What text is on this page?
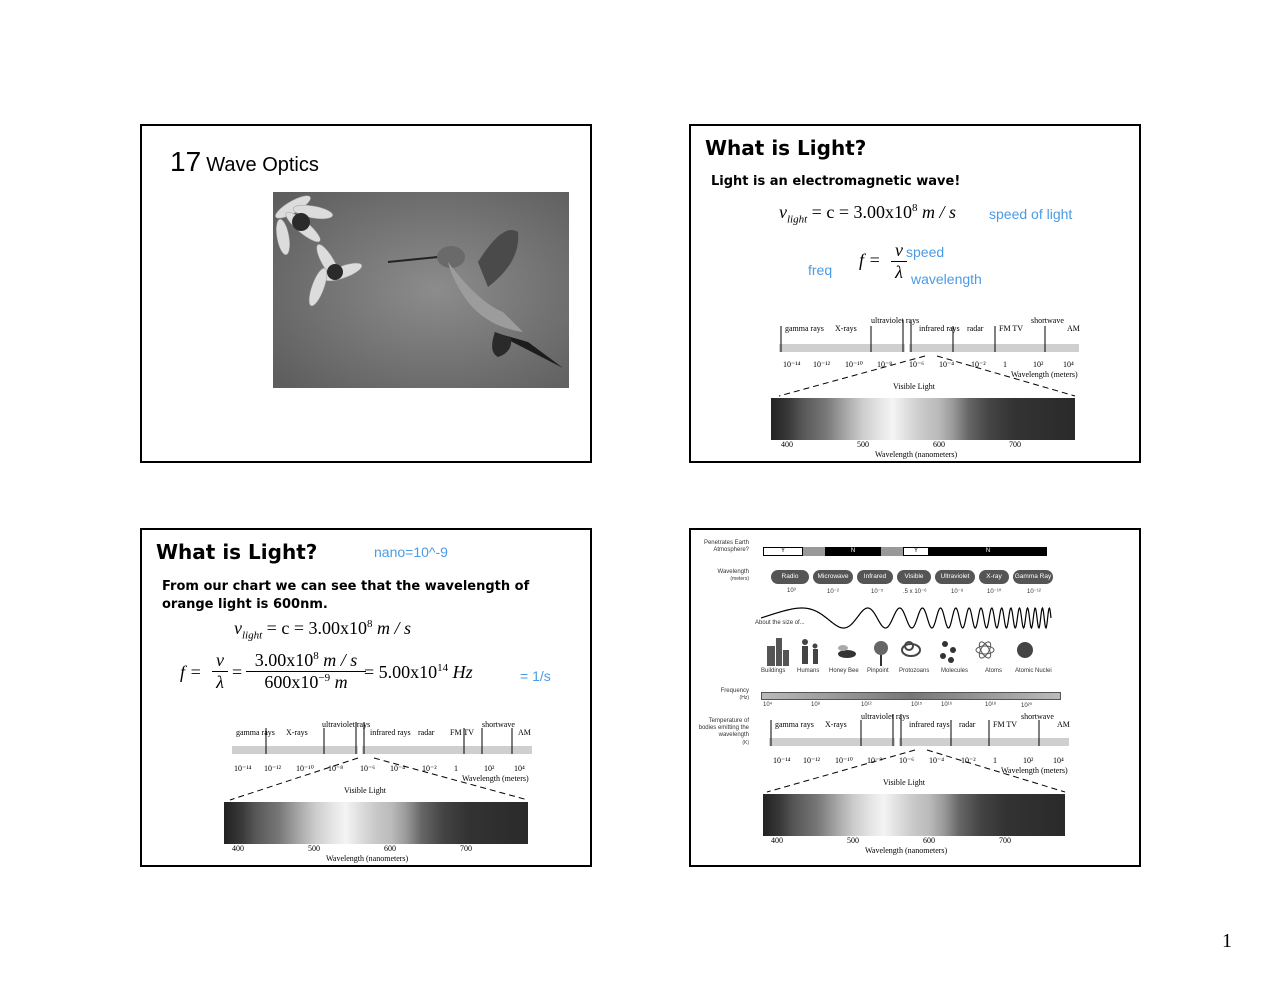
17 Wave Optics
What is Light?
Light is an electromagnetic wave!
$v_{light} = c = 3.00x10^8$ m / s speed of light
f = v
λ
speed
freq
wavelength
gamma rays X-rays
ultraviolet rays
infrared rays radar FM TV
shortwave
AM
10⁻¹⁴ 10⁻¹² 10⁻¹⁰ 10⁻⁸ 10⁻⁶ 10⁻⁴ 10⁻² 1	10² 10⁴
Wavelength (meters)
Visible Light
400	500	600	700
Wavelength (nanometers)
What is Light?	nano=10^-9
From our chart we can see that the wavelength of orange light is 600nm.
$v_{light} = c = 3.00x10^8$ m / s
f =
v
λ =
$3.00x10^8$ m / s
$600x10^{-9}$ $m = 5.00x10^{14}$ Hz	= 1/s
gamma rays X-rays
ultraviolet rays
infrared rays radar FM TV
shortwave
AM
10⁻¹⁴ 10⁻¹² 10⁻¹⁰ 10⁻⁸ 10⁻⁶ 10⁻⁴ 10⁻² 1	10² 10⁴
Wavelength (meters)
Visible Light
400	500	600	700
Wavelength (nanometers)
Penetrates Earth Atmosphere?	Y	N	Y	N
Wavelength
(meters)	Radio	Microwave	Infrared	Visible	Ultraviolet	X-ray	Gamma Ray
10³	10⁻²	10⁻⁵	.5 x 10⁻⁶	10⁻⁸	10⁻¹⁰	10⁻¹²
About the size of...
Buildings Humans Honey Bee Pinpoint Protozoans Molecules	Atoms Atomic Nuclei
Frequency
(Hz)
10⁴	10⁸	10¹²	10¹⁵	10¹⁶	10¹⁸	10²⁰
Temperature of bodies emitting the wavelength
(K)
gamma rays X-rays
ultraviolet rays
infrared rays radar FM TV
shortwave
AM
10⁻¹⁴ 10⁻¹² 10⁻¹⁰ 10⁻⁸ 10⁻⁶ 10⁻⁴ 10⁻² 1	10² 10⁴
Wavelength (meters)
Visible Light
400	500	600	700
Wavelength (nanometers)
1
